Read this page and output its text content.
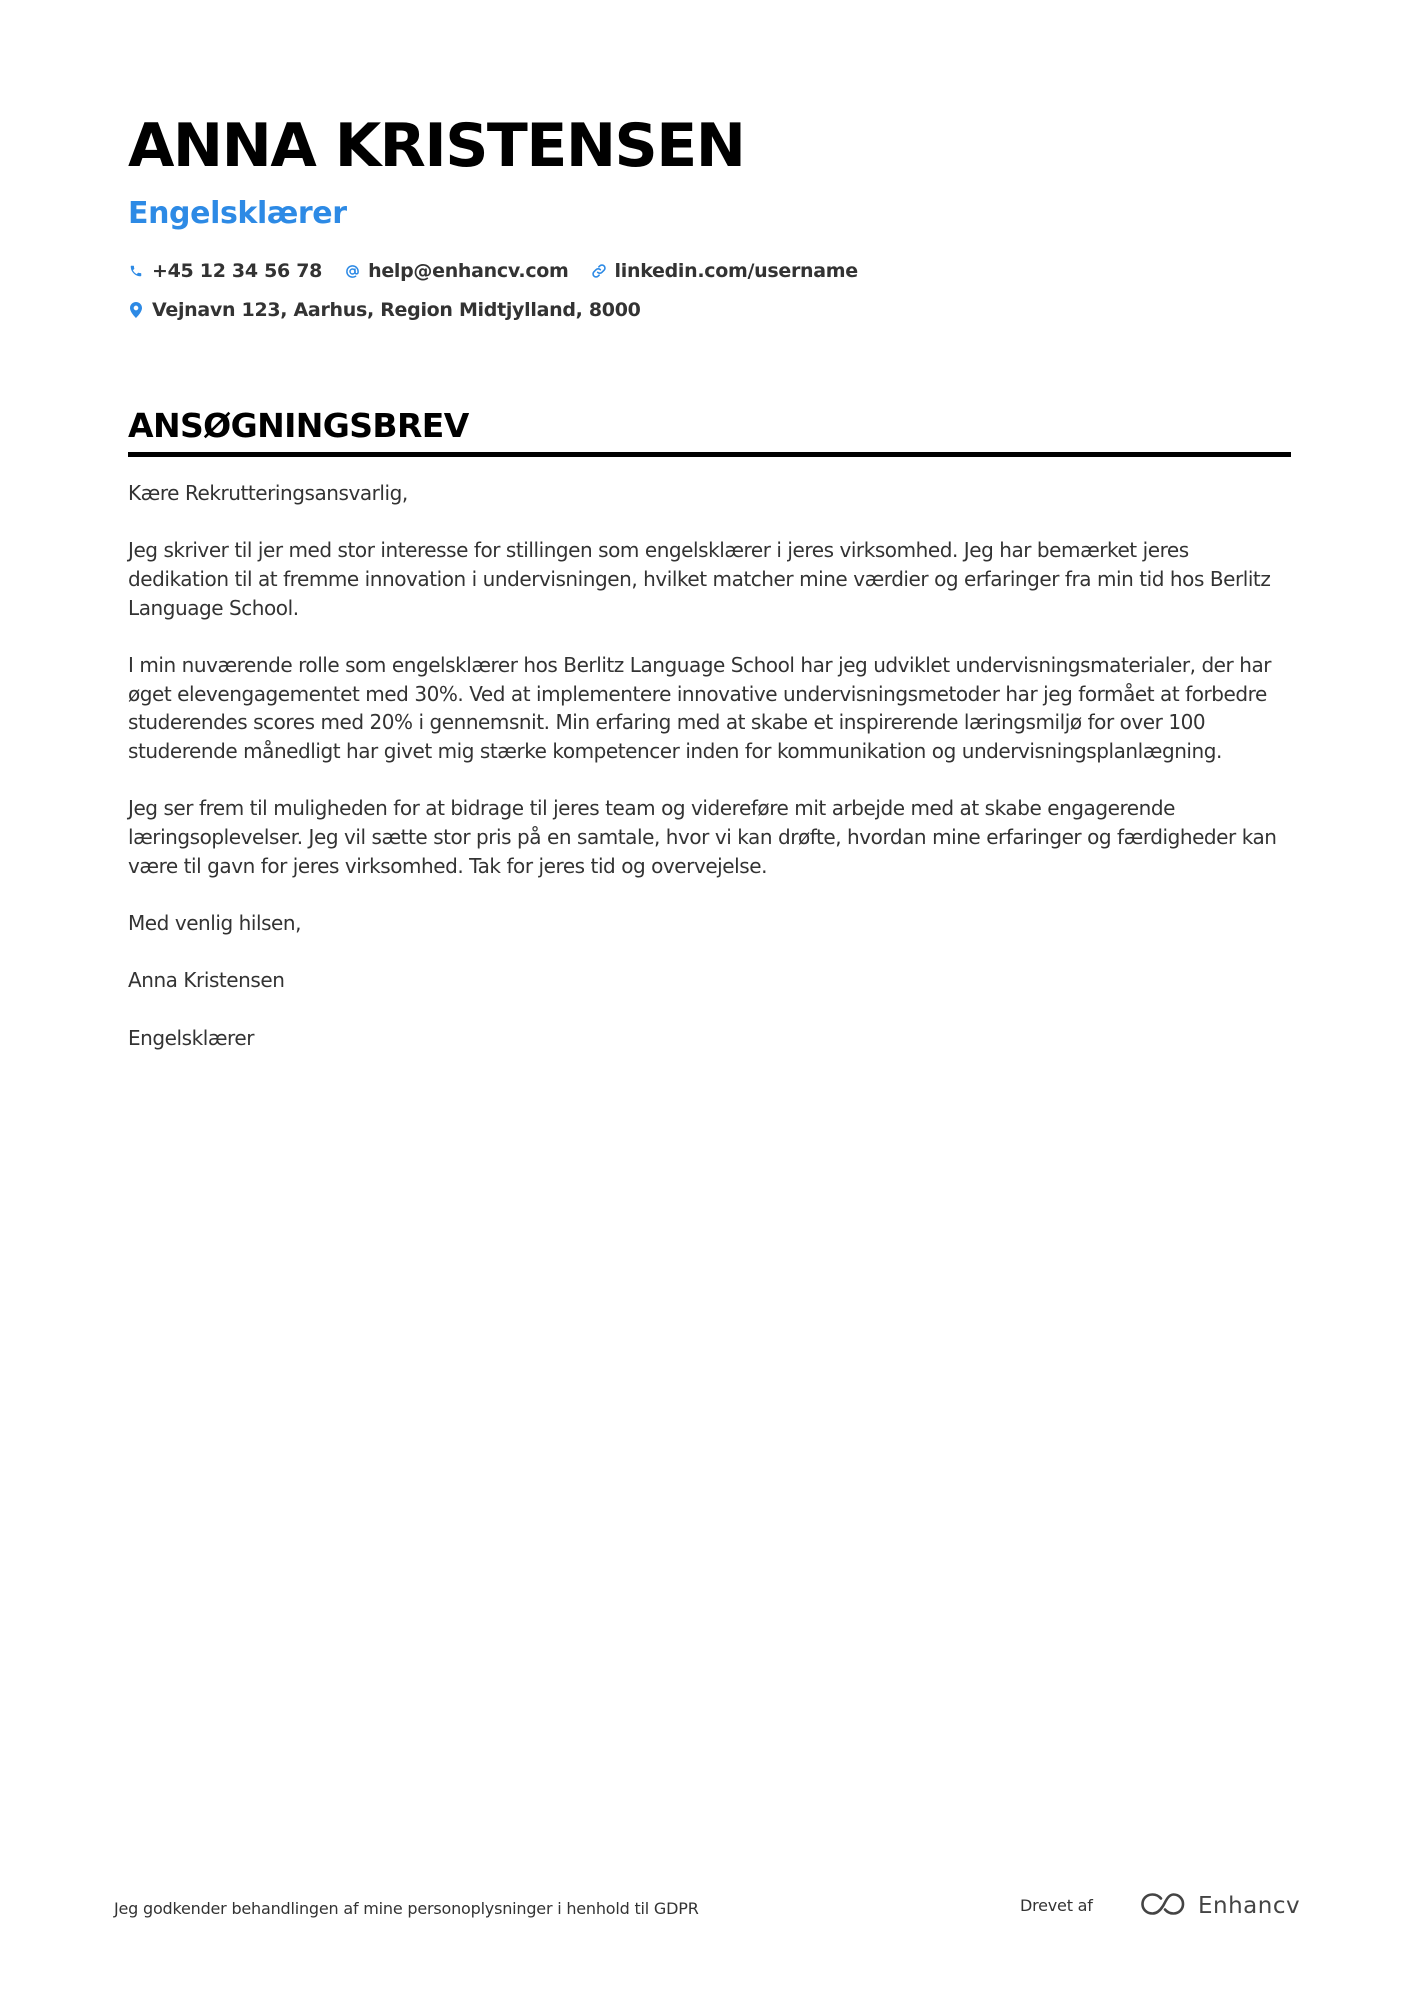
ANNA KRISTENSEN
Engelsklærer
+45 12 34 56 78 help@enhancv.com linkedin.com/username
Vejnavn 123, Aarhus, Region Midtjylland, 8000
ANSØGNINGSBREV

Kære Rekrutteringsansvarlig,

Jeg skriver til jer med stor interesse for stillingen som engelsklærer i jeres virksomhed. Jeg har bemærket jeres dedikation til at fremme innovation i undervisningen, hvilket matcher mine værdier og erfaringer fra min tid hos Berlitz Language School.

I min nuværende rolle som engelsklærer hos Berlitz Language School har jeg udviklet undervisningsmaterialer, der har øget elevengagementet med 30%. Ved at implementere innovative undervisningsmetoder har jeg formået at forbedre studerendes scores med 20% i gennemsnit. Min erfaring med at skabe et inspirerende læringsmiljø for over 100 studerende månedligt har givet mig stærke kompetencer inden for kommunikation og undervisningsplanlægning.

Jeg ser frem til muligheden for at bidrage til jeres team og videreføre mit arbejde med at skabe engagerende læringsoplevelser. Jeg vil sætte stor pris på en samtale, hvor vi kan drøfte, hvordan mine erfaringer og færdigheder kan være til gavn for jeres virksomhed. Tak for jeres tid og overvejelse.

Med venlig hilsen,

Anna Kristensen

Engelsklærer

Jeg godkender behandlingen af mine personoplysninger i henhold til GDPR	Drevet af	Enhancv
